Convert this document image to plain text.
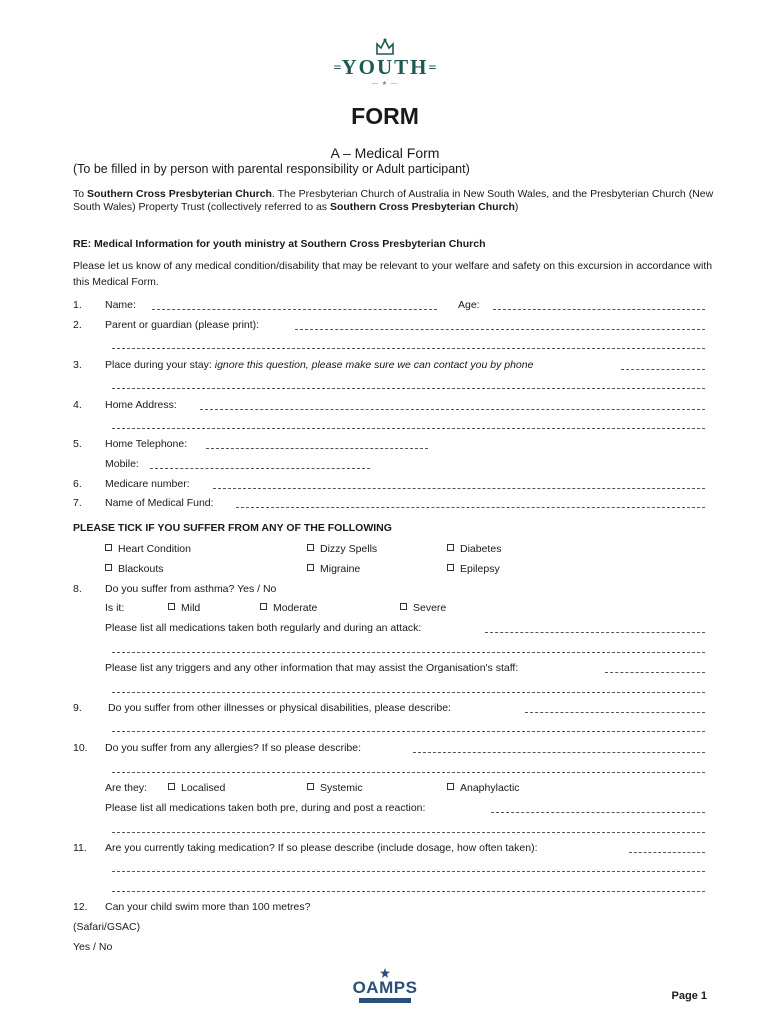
=YOUTH=
— ★ —
FORM
A – Medical Form
(To be filled in by person with parental responsibility or Adult participant)
To Southern Cross Presbyterian Church. The Presbyterian Church of Australia in New South Wales, and the Presbyterian Church (New South Wales) Property Trust (collectively referred to as Southern Cross Presbyterian Church)
RE: Medical Information for youth ministry at Southern Cross Presbyterian Church
Please let us know of any medical condition/disability that may be relevant to your welfare and safety on this excursion in accordance with this Medical Form.
1. Name:	Age:
2. Parent or guardian (please print):
3. Place during your stay: ignore this question, please make sure we can contact you by phone
4. Home Address:
5. Home Telephone:
Mobile:
6. Medicare number:
7. Name of Medical Fund:
PLEASE TICK IF YOU SUFFER FROM ANY OF THE FOLLOWING
Heart Condition	Dizzy Spells	Diabetes
Blackouts	Migraine	Epilepsy
8. Do you suffer from asthma? Yes / No
Is it:	Mild	Moderate	Severe
Please list all medications taken both regularly and during an attack:
Please list any triggers and any other information that may assist the Organisation's staff:
9. Do you suffer from other illnesses or physical disabilities, please describe:
10. Do you suffer from any allergies? If so please describe:
Are they:	Localised	Systemic	Anaphylactic
Please list all medications taken both pre, during and post a reaction:
11. Are you currently taking medication? If so please describe (include dosage, how often taken):
12. Can your child swim more than 100 metres?
(Safari/GSAC)
Yes / No
OAMPS	Page 1
